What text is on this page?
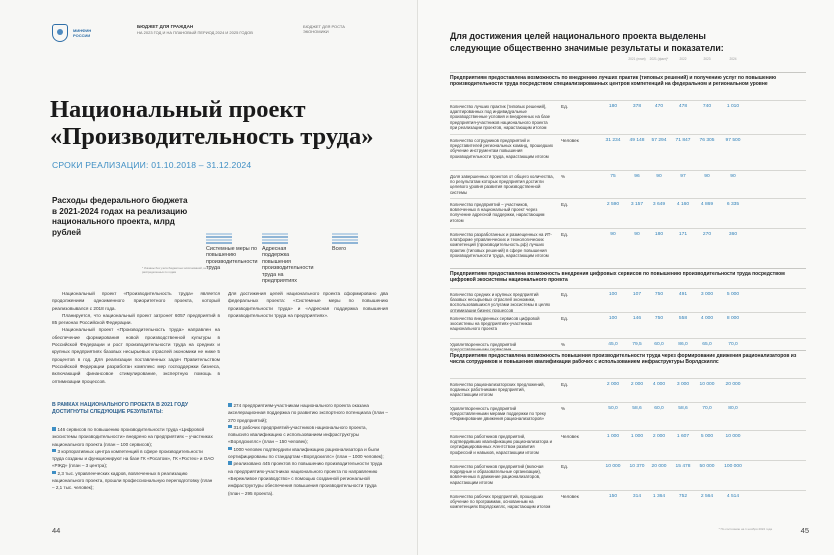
МИНФИН РОССИИ
БЮДЖЕТ ДЛЯ ГРАЖДАН
НА 2023 ГОД И НА ПЛАНОВЫЙ ПЕРИОД 2024 И 2025 ГОДОВ
БЮДЖЕТ ДЛЯ РОСТА ЭКОНОМИКИ
Национальный проект «Производительность труда»
СРОКИ РЕАЛИЗАЦИИ: 01.10.2018 – 31.12.2024
Расходы федерального бюджета в 2021-2024 годах на реализацию национального проекта, млрд рублей
Системные меры по повышению производительности труда
Адресная поддержка повышения производительности труда на предприятиях
Всего
* Указаны без учета бюджетных ассигнований, не распределенных по годам

Национальный проект «Производительность труда» является продолжением одноименного приоритетного проекта, который реализовывался с 2018 года.

Планируется, что национальный проект затронет 6057 предприятий в 85 регионах Российской Федерации.

Национальный проект «Производительность труда» направлен на обеспечение формирования новой производственной культуры в Российской Федерации и рост производительности труда на средних и крупных предприятиях базовых несырьевых отраслей экономики не ниже 5 процентов в год. Для реализации поставленных задач Правительством Российской Федерации разработан комплекс мер господдержки бизнеса, включающий финансовое стимулирование, экспертную помощь в оптимизации процессов.

Для достижения целей национального проекта сформировано два федеральных проекта: «Системные меры по повышению производительности труда» и «Адресная поддержка повышения производительности труда на предприятиях».

В РАМКАХ НАЦИОНАЛЬНОГО ПРОЕКТА В 2021 ГОДУ ДОСТИГНУТЫ СЛЕДУЮЩИЕ РЕЗУЛЬТАТЫ:
146 сервисов по повышению производительности труда «Цифровой экосистемы производительности» внедрено на предприятиях – участниках национального проекта (план – 100 сервисов);
3 корпоративных центра компетенций в сфере производительности труда созданы и функционируют на базе ГК «Росатом», ГК «Ростех» и ОАО «РЖД» (план – 3 центра);
2,3 тыс. управленческих кадров, вовлеченных в реализацию национального проекта, прошли профессиональную переподготовку (план – 2,1 тыс. человек);
274 предприятиям-участникам национального проекта оказана акселерационная поддержка по развитию экспортного потенциала (план – 270 предприятий);
314 рабочих предприятий-участников национального проекта, повысило квалификацию с использованием инфраструктуры «Ворлдскиллс» (план – 150 человек);
1000 человек подтвердили квалификацию рационализатора и были сертифицированы по стандартам «Ворлдскиллс» (план – 1000 человек);
реализовано 445 проектов по повышению производительности труда на предприятиях-участниках национального проекта по направлению «Бережливое производство» с помощью созданной региональной инфраструктуры обеспечения повышения производительности труда (план – 295 проекта).
44
Для достижения целей национального проекта выделены следующие общественно значимые результаты и показатели:
* По состоянию на 1 ноября 2022 года	45
2021 (план)	2021 (факт)*	2022	2023	2024
Предприятиям предоставлена возможность по внедрению лучших практик (типовых решений) и получению услуг по повышению производительности труда посредством специализированных центров компетенций на федеральном и региональном уровне
Количество лучших практик (типовых решений), адаптированных под индивидуальные производственные условия и внедренных на базе предприятия-участников национального проекта при реализации проектов, нарастающим итогом
Ед.	180	378	470	478	740	1 010
Количество сотрудников предприятий и представителей региональных команд, прошедших обучение инструментам повышения производительности труда, нарастающим итогом
Человек	31 234	49 148	57 294	71 847	76 305	97 500
Доля завершенных проектов от общего количества, по результатам которых предприятия достигли целевого уровня развития производственной системы
%	75	96	90	97	90	90
Количество предприятий – участников, вовлеченных в национальный проект через получение адресной поддержки, нарастающим итогом
Ед.	2 590	3 157	3 649	4 160	4 869	6 335
Количество разработанных и размещенных на ИТ-платформе управленческих и технологических компетенций (производительность.рф) лучших практик (типовых решений) в сфере повышения производительности труда, нарастающим итогом
Ед.	90	90	180	171	270	360
Предприятиям предоставлена возможность внедрения цифровых сервисов по повышению производительности труда посредством цифровой экосистемы национального проекта
Количество средних и крупных предприятий базовых несырьевых отраслей экономики, воспользовавшихся услугами экосистемы в целях оптимизации бизнес процессов
Ед.	100	107	750	491	3 000	5 000
Количество внедренных сервисов цифровой экосистемы на предприятиях-участниках национального проекта
Ед.	100	146	750	558	4 000	8 000
Удовлетворенность предприятий предоставленными сервисами
%	45,0	79,5	60,0	86,0	65,0	70,0
Предприятиям предоставлена возможность повышения производительности труда через формирование движения рационализаторов из числа сотрудников и повышения квалификации рабочих с использованием инфраструктуры Ворлдскиллс
Количество рационализаторских предложений, поданных работниками предприятий, нарастающим итогом
Ед.	2 000	2 000	4 000	3 000	10 000	20 000
Удовлетворенность предприятий предоставленными мерами поддержки по треку «Формирование движения рационализаторов»
%	50,0	58,6	60,0	58,6	70,0	80,0
Количество работников предприятий, подтвердивших квалификацию рационализатора и сертифицированных Агентством развития профессий и навыков, нарастающим итогом
Человек	1 000	1 000	2 000	1 607	5 000	10 000
Количество работников предприятий (включая подрядные и образовательные организации), вовлеченных в движение рационализаторов, нарастающим итогом
Ед.	10 000	10 370	20 000	15 478	50 000	100 000
Количество рабочих предприятий, прошедших обучение по программам, основанным на компетенциях Ворлдскиллс, нарастающим итогом
Человек	150	314	1 364	752	2 564	4 514
